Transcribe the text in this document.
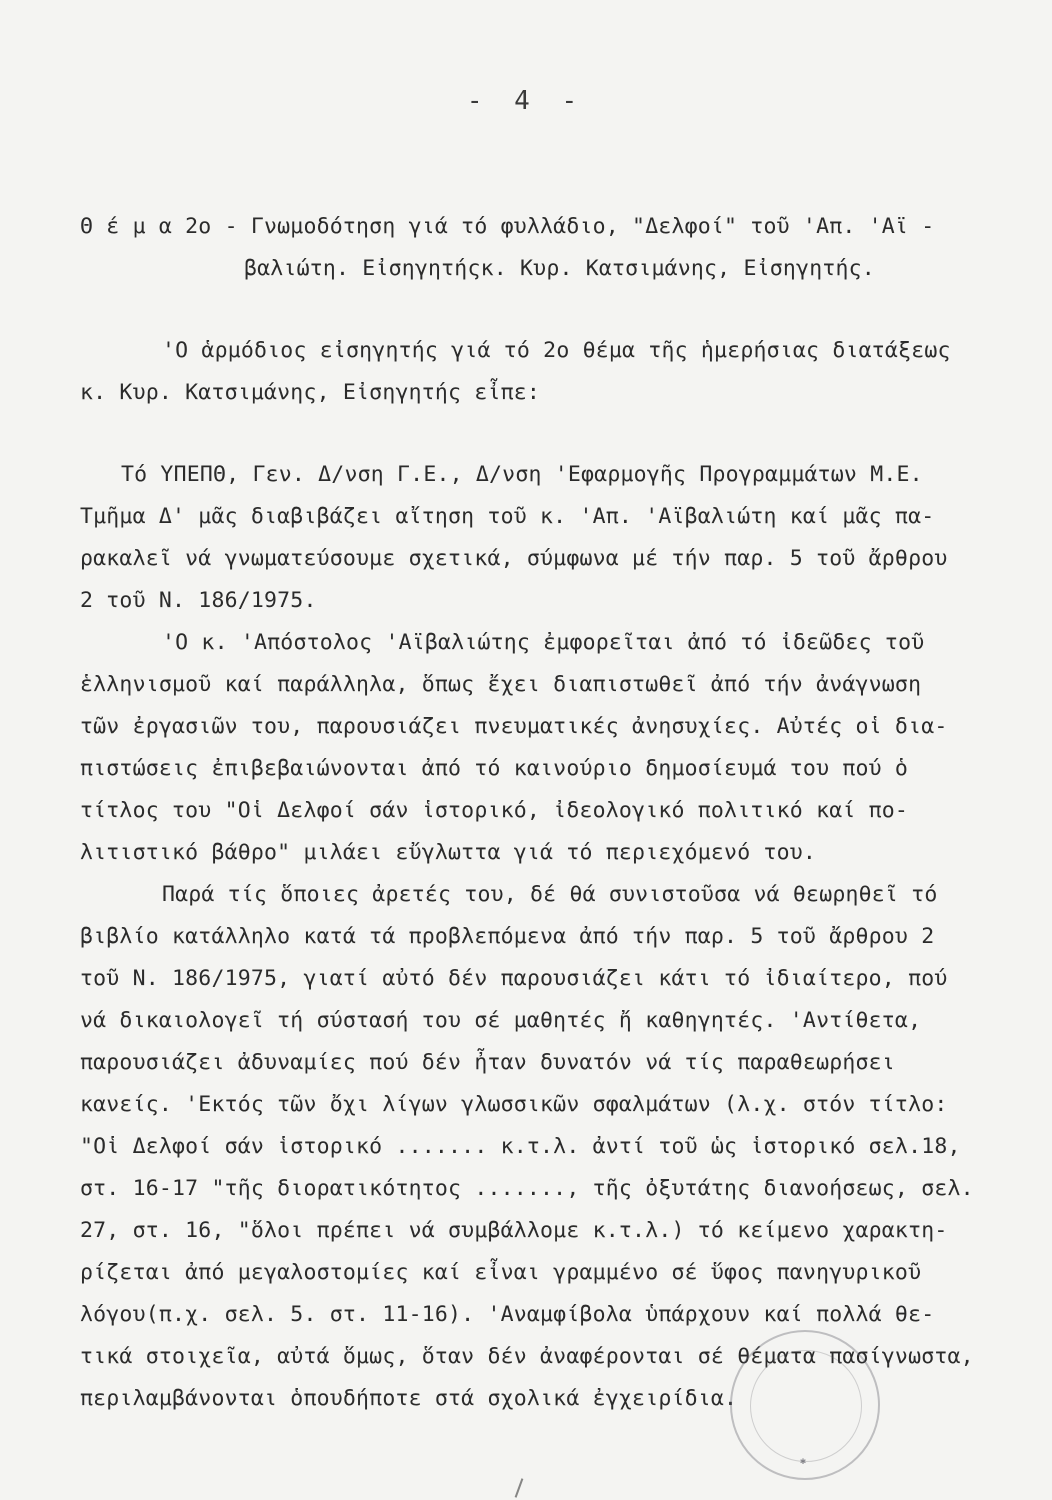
- 4 -
Θ έ μ α 2ο - Γνωμοδότηση γιά τό φυλλάδιο, "Δελφοί" τοῦ 'Απ. 'Αϊ -
βαλιώτη. Εἰσηγητήςκ. Κυρ. Κατσιμάνης, Εἰσηγητής.
'Ο ἁρμόδιος εἰσηγητής γιά τό 2ο θέμα τῆς ἡμερήσιας διατάξεως
κ. Κυρ. Κατσιμάνης, Εἰσηγητής εἶπε:
Τό ΥΠΕΠΘ, Γεν. Δ/νση Γ.Ε., Δ/νση 'Εφαρμογῆς Προγραμμάτων Μ.Ε.
Τμῆμα Δ' μᾶς διαβιβάζει αἴτηση τοῦ κ. 'Απ. 'Αϊβαλιώτη καί μᾶς πα-
ρακαλεῖ νά γνωματεύσουμε σχετικά, σύμφωνα μέ τήν παρ. 5 τοῦ ἄρθρου
2 τοῦ Ν. 186/1975.
'Ο κ. 'Απόστολος 'Αϊβαλιώτης ἐμφορεῖται ἀπό τό ἰδεῶδες τοῦ
ἑλληνισμοῦ καί παράλληλα, ὅπως ἔχει διαπιστωθεῖ ἀπό τήν ἀνάγνωση
τῶν ἐργασιῶν του, παρουσιάζει πνευματικές ἀνησυχίες. Αὐτές οἱ δια-
πιστώσεις ἐπιβεβαιώνονται ἀπό τό καινούριο δημοσίευμά του πού ὁ
τίτλος του "Οἱ Δελφοί σάν ἱστορικό, ἰδεολογικό πολιτικό καί πο-
λιτιστικό βάθρο" μιλάει εὔγλωττα γιά τό περιεχόμενό του.
Παρά τίς ὅποιες ἀρετές του, δέ θά συνιστοῦσα νά θεωρηθεῖ τό
βιβλίο κατάλληλο κατά τά προβλεπόμενα ἀπό τήν παρ. 5 τοῦ ἄρθρου 2
τοῦ Ν. 186/1975, γιατί αὐτό δέν παρουσιάζει κάτι τό ἰδιαίτερο, πού
νά δικαιολογεῖ τή σύστασή του σέ μαθητές ἤ καθηγητές. 'Αντίθετα,
παρουσιάζει ἀδυναμίες πού δέν ἦταν δυνατόν νά τίς παραθεωρήσει
κανείς. 'Εκτός τῶν ὄχι λίγων γλωσσικῶν σφαλμάτων (λ.χ. στόν τίτλο:
"Οἱ Δελφοί σάν ἱστορικό ....... κ.τ.λ. ἀντί τοῦ ὡς ἱστορικό σελ.18,
στ. 16-17 "τῆς διορατικότητος ......., τῆς ὀξυτάτης διανοήσεως, σελ.
27, στ. 16, "ὅλοι πρέπει νά συμβάλλομε κ.τ.λ.) τό κείμενο χαρακτη-
ρίζεται ἀπό μεγαλοστομίες καί εἶναι γραμμένο σέ ὕφος πανηγυρικοῦ
λόγου(π.χ. σελ. 5. στ. 11-16). 'Αναμφίβολα ὑπάρχουν καί πολλά θε-
τικά στοιχεῖα, αὐτά ὅμως, ὅταν δέν ἀναφέρονται σέ θέματα πασίγνωστα,
περιλαμβάνονται ὁπουδήποτε στά σχολικά ἐγχειρίδια.
✱
